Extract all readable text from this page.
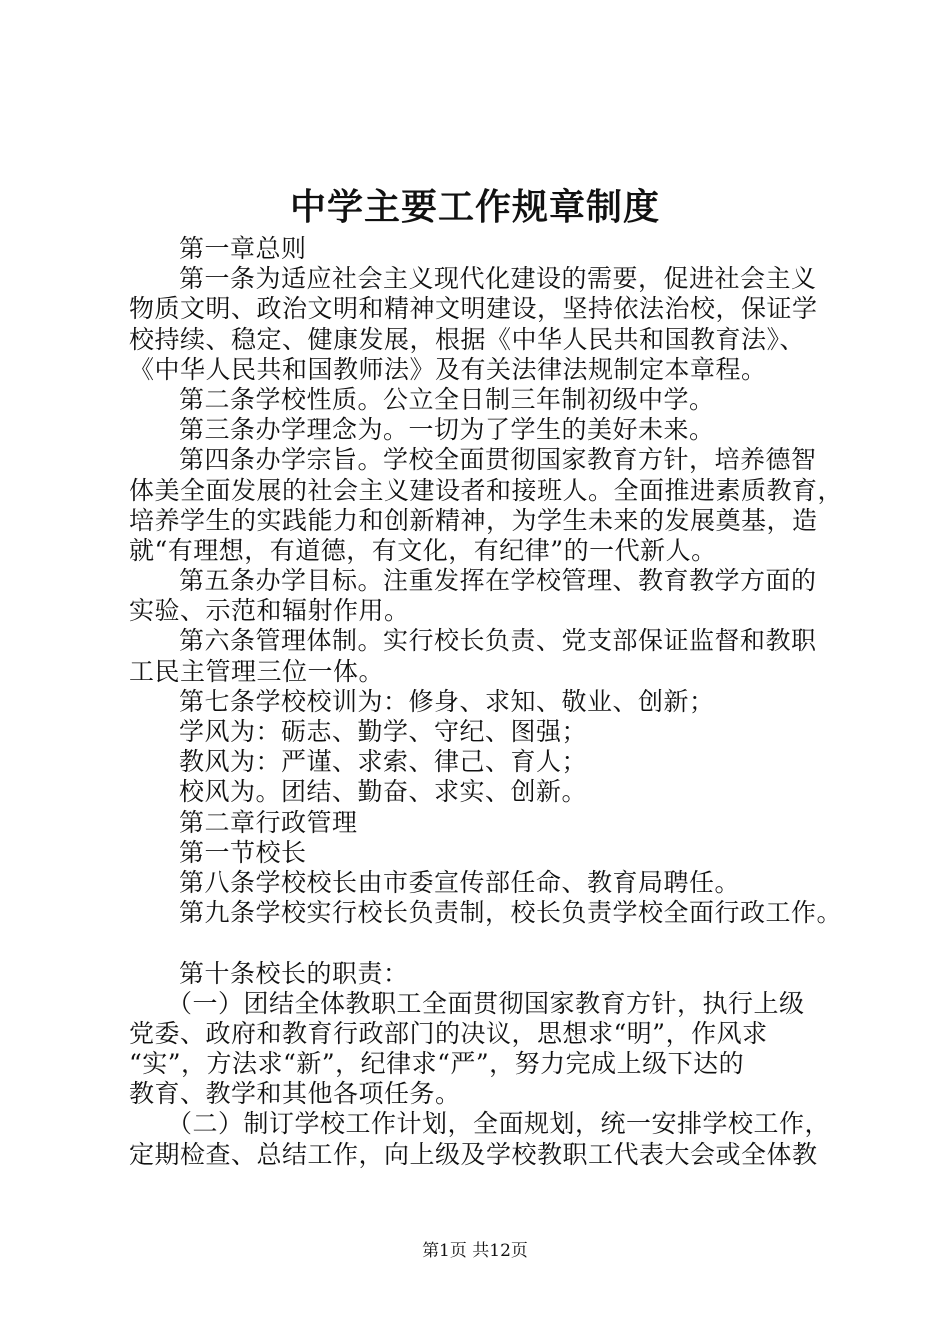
中学主要工作规章制度
第一章总则
第一条为适应社会主义现代化建设的需要，促进社会主义
物质文明、政治文明和精神文明建设，坚持依法治校，保证学
校持续、稳定、健康发展，根据《中华人民共和国教育法》、
《中华人民共和国教师法》及有关法律法规制定本章程。
第二条学校性质。公立全日制三年制初级中学。
第三条办学理念为。一切为了学生的美好未来。
第四条办学宗旨。学校全面贯彻国家教育方针，培养德智
体美全面发展的社会主义建设者和接班人。全面推进素质教育，
培养学生的实践能力和创新精神，为学生未来的发展奠基，造
就“有理想，有道德，有文化，有纪律”的一代新人。
第五条办学目标。注重发挥在学校管理、教育教学方面的
实验、示范和辐射作用。
第六条管理体制。实行校长负责、党支部保证监督和教职
工民主管理三位一体。
第七条学校校训为：修身、求知、敬业、创新；
学风为：砺志、勤学、守纪、图强；
教风为：严谨、求索、律己、育人；
校风为。团结、勤奋、求实、创新。
第二章行政管理
第一节校长
第八条学校校长由市委宣传部任命、教育局聘任。
第九条学校实行校长负责制，校长负责学校全面行政工作。
第十条校长的职责：
（一）团结全体教职工全面贯彻国家教育方针，执行上级
党委、政府和教育行政部门的决议，思想求“明”，作风求
“实”，方法求“新”，纪律求“严”，努力完成上级下达的
教育、教学和其他各项任务。
（二）制订学校工作计划，全面规划，统一安排学校工作，
定期检查、总结工作，向上级及学校教职工代表大会或全体教
第1页 共12页
